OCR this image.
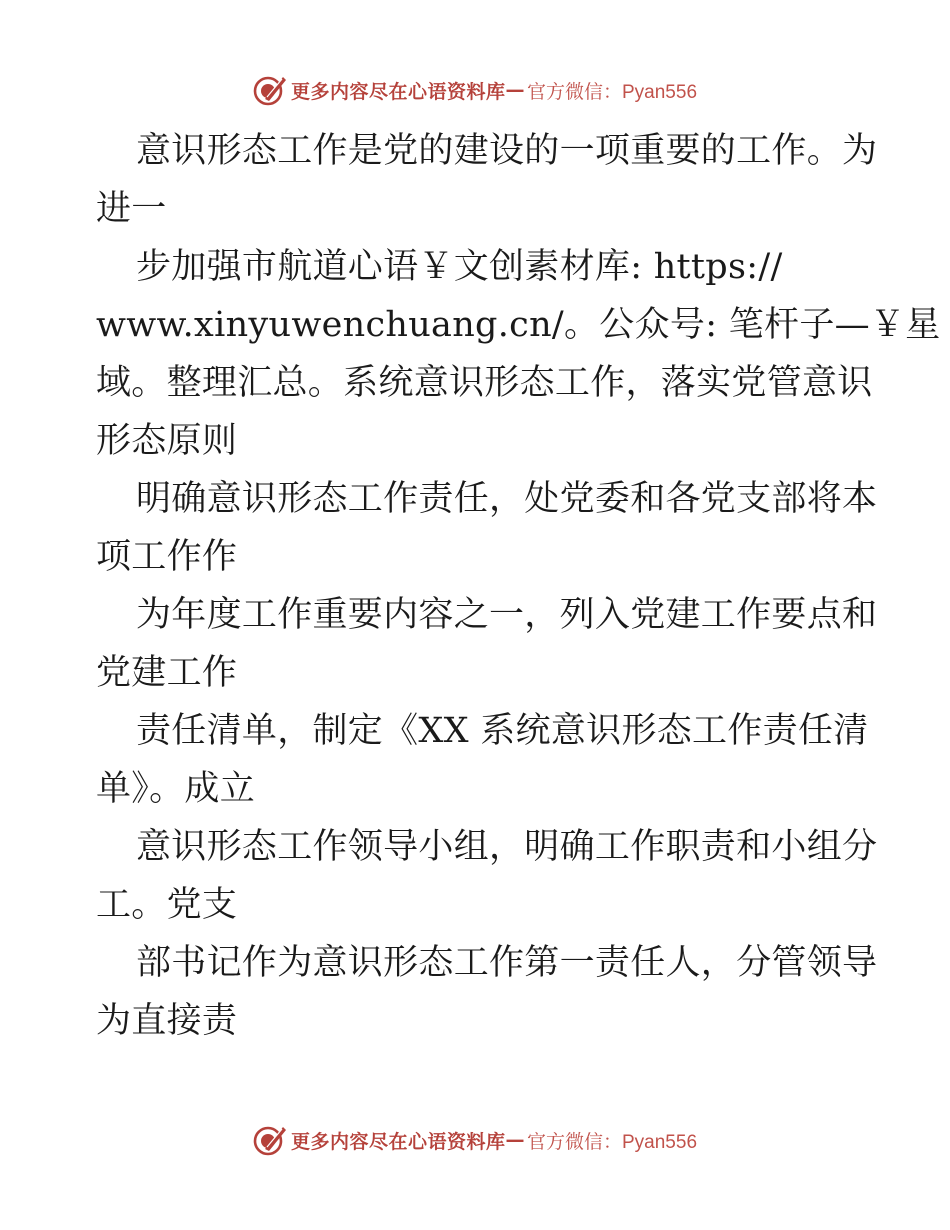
更多内容尽在心语资料库 — 官方微信：Pyan556
意识形态工作是党的建设的一项重要的工作。为
进一
步加强市航道心语￥文创素材库: https://
www.xinyuwenchuang.cn/。公众号: 笔杆子—￥星
域。整理汇总。系统意识形态工作，落实党管意识
形态原则
明确意识形态工作责任，处党委和各党支部将本
项工作作
为年度工作重要内容之一，列入党建工作要点和
党建工作
责任清单，制定《XX 系统意识形态工作责任清
单》。成立
意识形态工作领导小组，明确工作职责和小组分
工。党支
部书记作为意识形态工作第一责任人，分管领导
为直接责
更多内容尽在心语资料库 — 官方微信：Pyan556
